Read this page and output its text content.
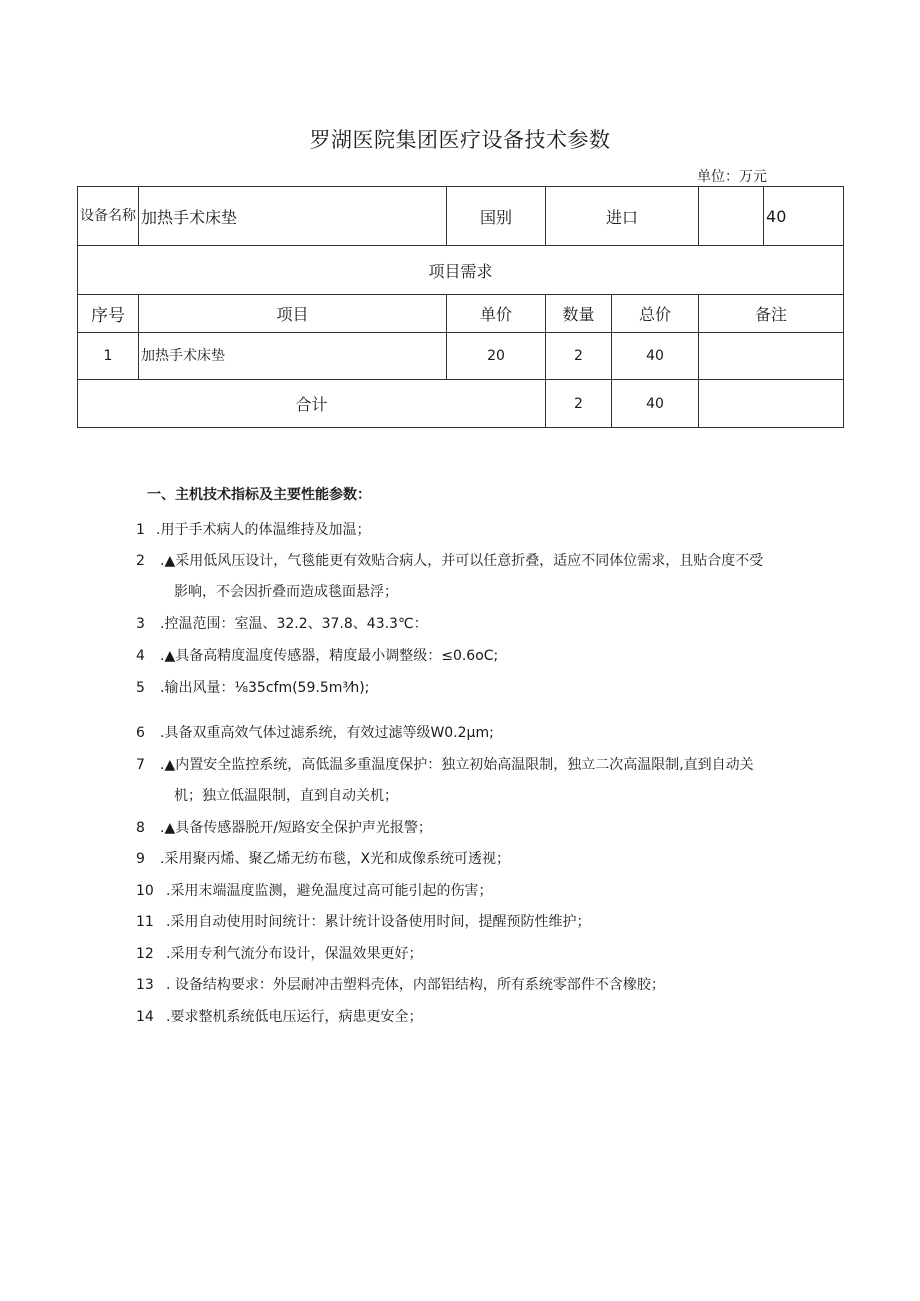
罗湖医院集团医疗设备技术参数
单位：万元
设备名称	加热手术床垫	国别	进口			40
项目需求						
序号	项目	单价	数量	总价	备注	
1	加热手术床垫	20	2	40		
合计			2	40		
一、主机技术指标及主要性能参数：
1 .用于手术病人的体温维持及加温；
2 .▲采用低风压设计，气毯能更有效贴合病人，并可以任意折叠，适应不同体位需求，且贴合度不受
影响，不会因折叠而造成毯面悬浮；
3 .控温范围：室温、32.2、37.8、43.3℃：
4 .▲具备高精度温度传感器，精度最小调整级：≤0.6oC;
5 .输出风量：⅛35cfm(59.5m³⁄h);
6 .具备双重高效气体过滤系统，有效过滤等级W0.2μm;
7 .▲内置安全监控系统，高低温多重温度保护：独立初始高温限制，独立二次高温限制,直到自动关
机；独立低温限制，直到自动关机；
8 .▲具备传感器脱开/短路安全保护声光报警；
9 .采用聚丙烯、聚乙烯无纺布毯，X光和成像系统可透视；
10 .采用末端温度监测，避免温度过高可能引起的伤害；
11 .采用自动使用时间统计：累计统计设备使用时间，提醒预防性维护；
12 .采用专利气流分布设计，保温效果更好；
13 . 设备结构要求：外层耐冲击塑料壳体，内部铝结构，所有系统零部件不含橡胶；
14 .要求整机系统低电压运行，病患更安全；
